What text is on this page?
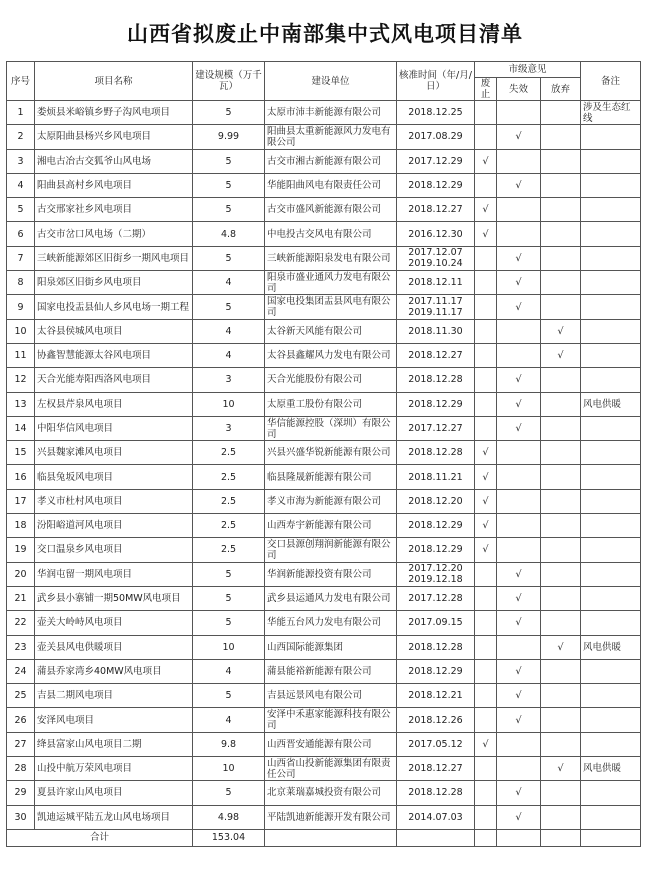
山西省拟废止中南部集中式风电项目清单
序号	项目名称	建设规模（万千瓦）	建设单位	核准时间（年/月/日）	市级意见			备注
					废止	失效	放弃	
1	娄烦县米峪镇乡野子沟风电项目	5	太原市沛丰新能源有限公司	2018.12.25				涉及生态红线
2	太原阳曲县杨兴乡风电项目	9.99	阳曲县太重新能源风力发电有限公司	2017.08.29		√		
3	湘电古冶古交狐爷山风电场	5	古交市湘古新能源有限公司	2017.12.29	√			
4	阳曲县高村乡风电项目	5	华能阳曲风电有限责任公司	2018.12.29		√		
5	古交邢家社乡风电项目	5	古交市盛风新能源有限公司	2018.12.27	√			
6	古交市岔口风电场（二期）	4.8	中电投古交风电有限公司	2016.12.30	√			
7	三峡新能源郊区旧街乡一期风电项目	5	三峡新能源阳泉发电有限公司	2017.12.07
2019.10.24		√		
8	阳泉郊区旧街乡风电项目	4	阳泉市盛业通风力发电有限公司	2018.12.11		√		
9	国家电投盂县仙人乡风电场一期工程	5	国家电投集团盂县风电有限公司	2017.11.17
2019.11.17		√		
10	太谷县侯城风电项目	4	太谷新天风能有限公司	2018.11.30			√	
11	协鑫智慧能源太谷风电项目	4	太谷县鑫耀风力发电有限公司	2018.12.27			√	
12	天合光能寿阳西洛风电项目	3	天合光能股份有限公司	2018.12.28		√		
13	左权县芹泉风电项目	10	太原重工股份有限公司	2018.12.29		√		风电供暖
14	中阳华信风电项目	3	华信能源控股（深圳）有限公司	2017.12.27		√		
15	兴县魏家滩风电项目	2.5	兴县兴盛华锐新能源有限公司	2018.12.28	√			
16	临县兔坂风电项目	2.5	临县隆晟新能源有限公司	2018.11.21	√			
17	孝义市杜村风电项目	2.5	孝义市海为新能源有限公司	2018.12.20	√			
18	汾阳峪道河风电项目	2.5	山西寿宇新能源有限公司	2018.12.29	√			
19	交口温泉乡风电项目	2.5	交口县源创翔润新能源有限公司	2018.12.29	√			
20	华润屯留一期风电项目	5	华润新能源投资有限公司	2017.12.20
2019.12.18		√		
21	武乡县小寨铺一期50MW风电项目	5	武乡县运通风力发电有限公司	2017.12.28		√		
22	壶关大岭峙风电项目	5	华能五台风力发电有限公司	2017.09.15		√		
23	壶关县风电供暖项目	10	山西国际能源集团	2018.12.28			√	风电供暖
24	蒲县乔家湾乡40MW风电项目	4	蒲县能裕新能源有限公司	2018.12.29		√		
25	吉县二期风电项目	5	吉县远景风电有限公司	2018.12.21		√		
26	安泽风电项目	4	安泽中禾惠家能源科技有限公司	2018.12.26		√		
27	绛县富家山风电项目二期	9.8	山西晋安通能源有限公司	2017.05.12	√			
28	山投中航万荣风电项目	10	山西省山投新能源集团有限责任公司	2018.12.27			√	风电供暖
29	夏县许家山风电项目	5	北京莱瑞嘉城投资有限公司	2018.12.28		√		
30	凯迪运城平陆五龙山风电场项目	4.98	平陆凯迪新能源开发有限公司	2014.07.03		√		
合计		153.04						
